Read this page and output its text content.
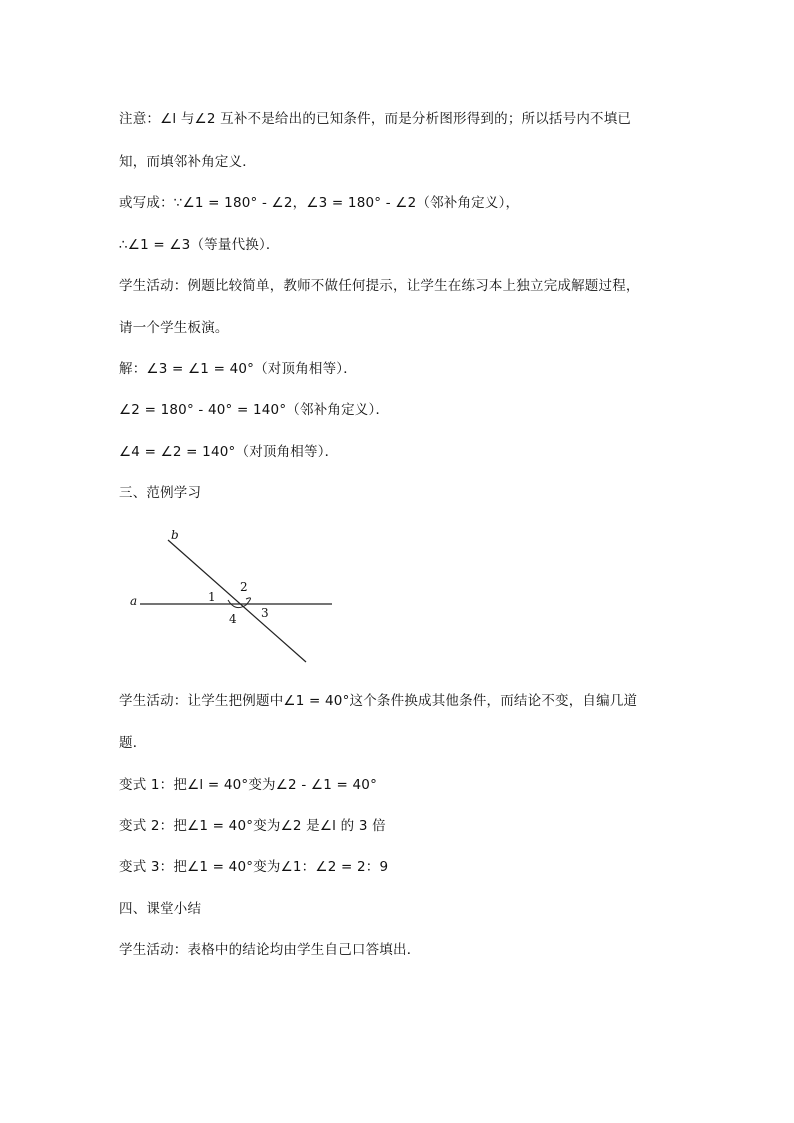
注意：∠l 与∠2 互补不是给出的已知条件，而是分析图形得到的；所以括号内不填已
知，而填邻补角定义．
或写成：∵∠1 = 180° - ∠2，∠3 = 180° - ∠2（邻补角定义），
∴∠1 = ∠3（等量代换）．
学生活动：例题比较简单，教师不做任何提示，让学生在练习本上独立完成解题过程，
请一个学生板演。
解：∠3 = ∠1 = 40°（对顶角相等）．
∠2 = 180° - 40° = 140°（邻补角定义）．
∠4 = ∠2 = 140°（对顶角相等）．
三、范例学习
a
b
1
2
3
4
学生活动：让学生把例题中∠1 = 40°这个条件换成其他条件，而结论不变，自编几道
题．
变式 1：把∠l = 40°变为∠2 - ∠1 = 40°
变式 2：把∠1 = 40°变为∠2 是∠l 的 3 倍
变式 3：把∠1 = 40°变为∠1：∠2 = 2：9
四、课堂小结
学生活动：表格中的结论均由学生自己口答填出．
